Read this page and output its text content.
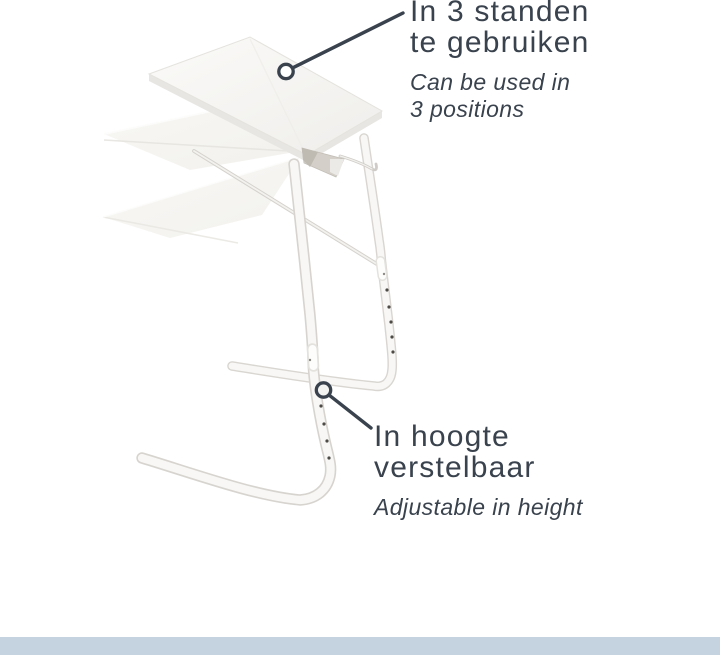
In 3 standen
te gebruiken
Can be used in
3 positions
In hoogte
verstelbaar
Adjustable in height
